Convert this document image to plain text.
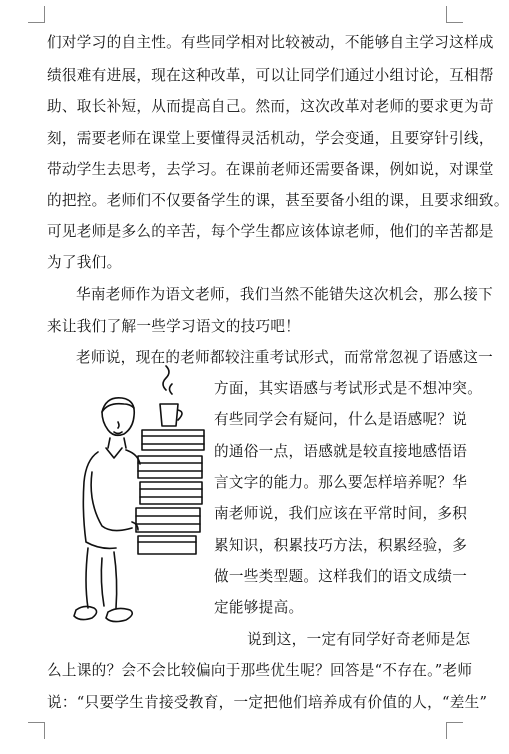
们对学习的自主性。有些同学相对比较被动，不能够自主学习这样成
绩很难有进展，现在这种改革，可以让同学们通过小组讨论，互相帮
助、取长补短，从而提高自己。然而，这次改革对老师的要求更为苛
刻，需要老师在课堂上要懂得灵活机动，学会变通，且要穿针引线，
带动学生去思考，去学习。在课前老师还需要备课，例如说，对课堂
的把控。老师们不仅要备学生的课，甚至要备小组的课，且要求细致。
可见老师是多么的辛苦，每个学生都应该体谅老师，他们的辛苦都是
为了我们。
华南老师作为语文老师，我们当然不能错失这次机会，那么接下
来让我们了解一些学习语文的技巧吧！
老师说，现在的老师都较注重考试形式，而常常忽视了语感这一
方面，其实语感与考试形式是不想冲突。
有些同学会有疑问，什么是语感呢？说
的通俗一点，语感就是较直接地感悟语
言文字的能力。那么要怎样培养呢？华
南老师说，我们应该在平常时间，多积
累知识，积累技巧方法，积累经验，多
做一些类型题。这样我们的语文成绩一
定能够提高。
说到这，一定有同学好奇老师是怎
么上课的？会不会比较偏向于那些优生呢？回答是“不存在。”老师
说：“只要学生肯接受教育，一定把他们培养成有价值的人，“差生”
